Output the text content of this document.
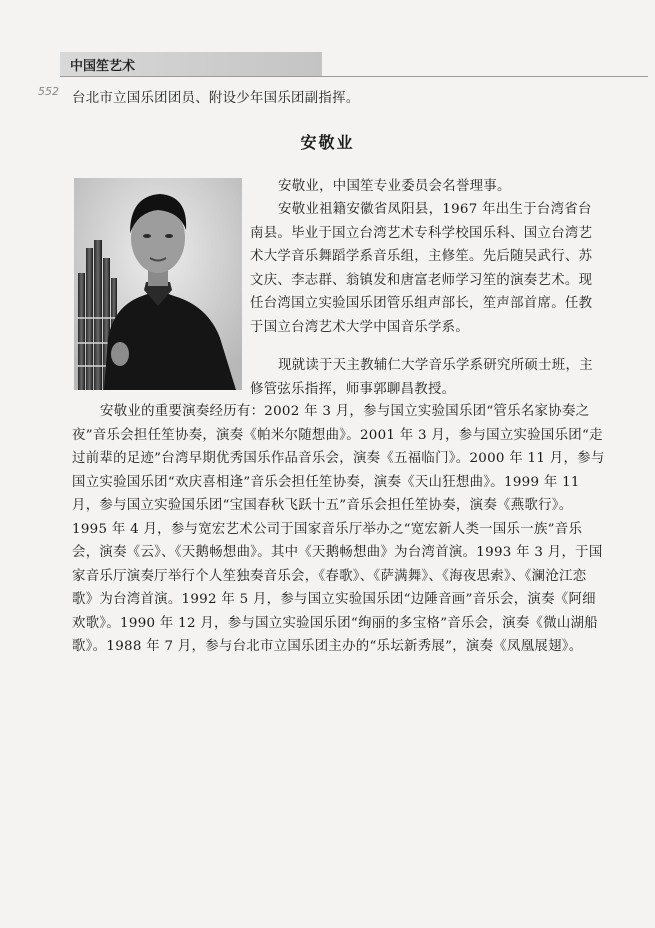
中国笙艺术
552 台北市立国乐团团员、附设少年国乐团副指挥。
安敬业

安敬业，中国笙专业委员会名誉理事。

安敬业祖籍安徽省凤阳县，1967 年出生于台湾省台南县。毕业于国立台湾艺术专科学校国乐科、国立台湾艺术大学音乐舞蹈学系音乐组，主修笙。先后随吴武行、苏文庆、李志群、翁镇发和唐富老师学习笙的演奏艺术。现任台湾国立实验国乐团管乐组声部长，笙声部首席。任教于国立台湾艺术大学中国音乐学系。

现就读于天主教辅仁大学音乐学系研究所硕士班，主修管弦乐指挥，师事郭聊昌教授。

安敬业的重要演奏经历有：2002 年 3 月，参与国立实验国乐团“管乐名家协奏之夜”音乐会担任笙协奏，演奏《帕米尔随想曲》。2001 年 3 月，参与国立实验国乐团“走过前辈的足迹”台湾早期优秀国乐作品音乐会，演奏《五福临门》。2000 年 11 月，参与国立实验国乐团“欢庆喜相逢”音乐会担任笙协奏，演奏《天山狂想曲》。1999 年 11 月，参与国立实验国乐团“宝国春秋飞跃十五”音乐会担任笙协奏，演奏《燕歌行》。1995 年 4 月，参与宽宏艺术公司于国家音乐厅举办之“宽宏新人类一国乐一族”音乐会，演奏《云》、《天鹅畅想曲》。其中《天鹅畅想曲》为台湾首演。1993 年 3 月，于国家音乐厅演奏厅举行个人笙独奏音乐会，《春歌》、《萨满舞》、《海夜思索》、《澜沧江恋歌》为台湾首演。1992 年 5 月，参与国立实验国乐团“边陲音画”音乐会，演奏《阿细欢歌》。1990 年 12 月，参与国立实验国乐团“绚丽的多宝格”音乐会，演奏《微山湖船歌》。1988 年 7 月，参与台北市立国乐团主办的“乐坛新秀展”，演奏《凤凰展翅》。
